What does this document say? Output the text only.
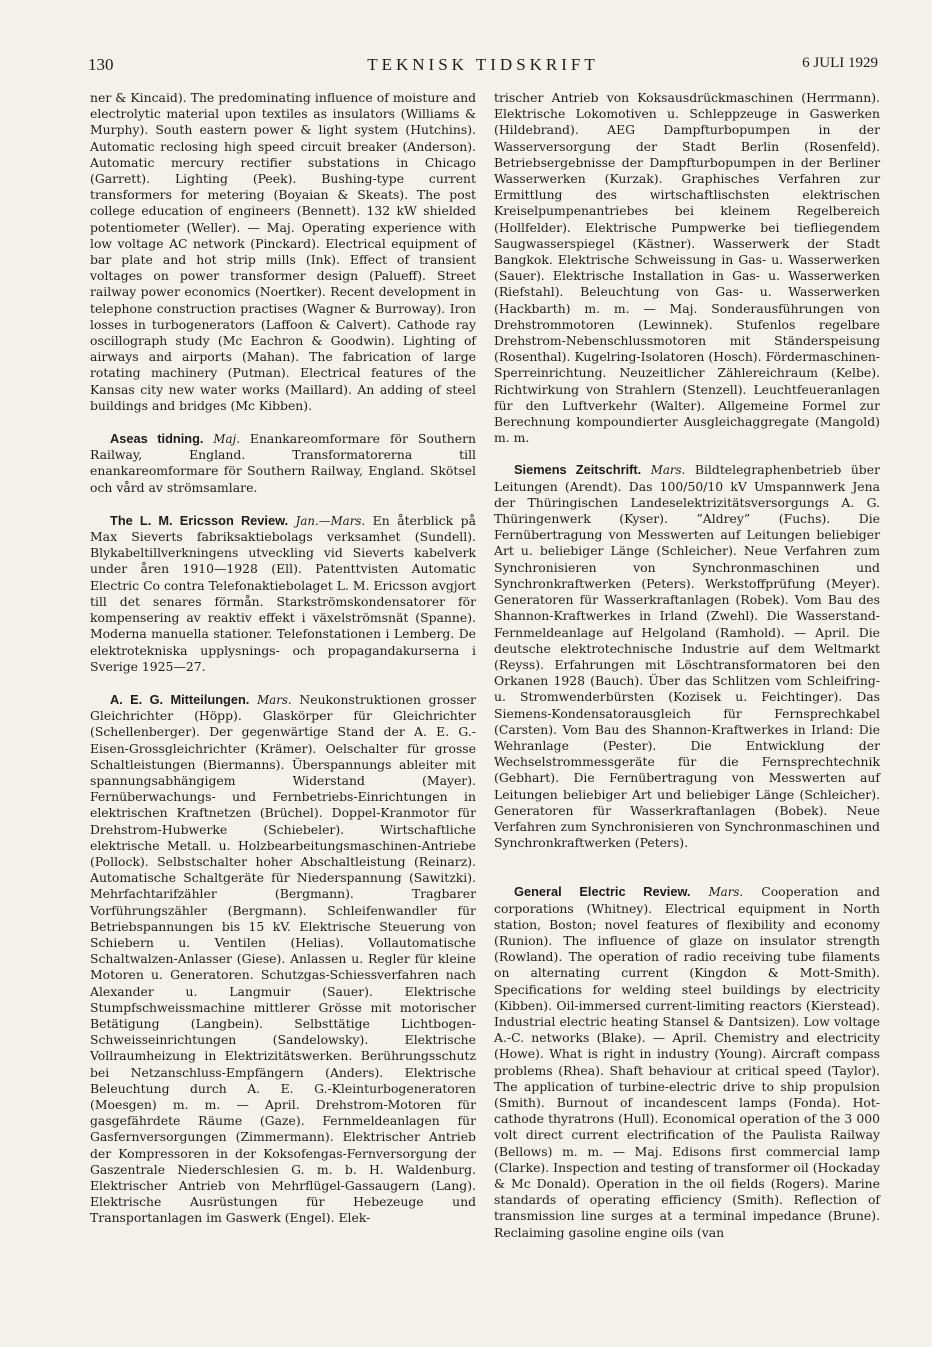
130	TEKNISK TIDSKRIFT	6 JULI 1929

ner & Kincaid). The predominating influence of moisture and electrolytic material upon textiles as insulators (Williams & Murphy). South eastern power & light system (Hutchins). Automatic reclosing high speed circuit breaker (Anderson). Automatic mercury rectifier substations in Chicago (Garrett). Lighting (Peek). Bushing-type current transformers for metering (Boyaian & Skeats). The post college education of engineers (Bennett). 132 kW shielded potentiometer (Weller). — Maj. Operating experience with low voltage AC network (Pinckard). Electrical equipment of bar plate and hot strip mills (Ink). Effect of transient voltages on power transformer design (Palueff). Street railway power economics (Noertker). Recent development in telephone construction practises (Wagner & Burroway). Iron losses in turbogenerators (Laffoon & Calvert). Cathode ray oscillograph study (Mc Eachron & Goodwin). Lighting of airways and airports (Mahan). The fabrication of large rotating machinery (Putman). Electrical features of the Kansas city new water works (Maillard). An adding of steel buildings and bridges (Mc Kibben).

Aseas tidning. Maj. Enankareomformare för Southern Railway, England. Transformatorerna till enankareomformare för Southern Railway, England. Skötsel och vård av strömsamlare.

The L. M. Ericsson Review. Jan.—Mars. En återblick på Max Sieverts fabriksaktiebolags verksamhet (Sundell). Blykabeltillverkningens utveckling vid Sieverts kabelverk under åren 1910—1928 (Ell). Patenttvisten Automatic Electric Co contra Telefonaktiebolaget L. M. Ericsson avgjort till det senares förmån. Starkströmskondensatorer för kompensering av reaktiv effekt i växelströmsnät (Spanne). Moderna manuella stationer. Telefonstationen i Lemberg. De elektrotekniska upplysnings- och propagandakurserna i Sverige 1925—27.

A. E. G. Mitteilungen. Mars. Neukonstruktionen grosser Gleichrichter (Höpp). Glaskörper für Gleichrichter (Schellenberger). Der gegenwärtige Stand der A. E. G.-Eisen-Grossgleichrichter (Krämer). Oelschalter für grosse Schaltleistungen (Biermanns). Überspannungs ableiter mit spannungsabhängigem Widerstand (Mayer). Fernüberwachungs- und Fernbetriebs-Einrichtungen in elektrischen Kraftnetzen (Brüchel). Doppel-Kranmotor für Drehstrom-Hubwerke (Schiebeler). Wirtschaftliche elektrische Metall. u. Holzbearbeitungsmaschinen-Antriebe (Pollock). Selbstschalter hoher Abschaltleistung (Reinarz). Automatische Schaltgeräte für Niederspannung (Sawitzki). Mehrfachtarifzähler (Bergmann). Tragbarer Vorführungszähler (Bergmann). Schleifenwandler für Betriebspannungen bis 15 kV. Elektrische Steuerung von Schiebern u. Ventilen (Helias). Vollautomatische Schaltwalzen-Anlasser (Giese). Anlassen u. Regler für kleine Motoren u. Generatoren. Schutzgas-Schiessverfahren nach Alexander u. Langmuir (Sauer). Elektrische Stumpfschweissmachine mittlerer Grösse mit motorischer Betätigung (Langbein). Selbsttätige Lichtbogen-Schweisseinrichtungen (Sandelowsky). Elektrische Vollraumheizung in Elektrizitätswerken. Berührungsschutz bei Netzanschluss-Empfängern (Anders). Elektrische Beleuchtung durch A. E. G.-Kleinturbogeneratoren (Moesgen) m. m. — April. Drehstrom-Motoren für gasgefährdete Räume (Gaze). Fernmeldeanlagen für Gasfernversorgungen (Zimmermann). Elektrischer Antrieb der Kompressoren in der Koksofengas-Fernversorgung der Gaszentrale Niederschlesien G. m. b. H. Waldenburg. Elektrischer Antrieb von Mehrflügel-Gassaugern (Lang). Elektrische Ausrüstungen für Hebezeuge und Transportanlagen im Gaswerk (Engel). Elek-

trischer Antrieb von Koksausdrückmaschinen (Herrmann). Elektrische Lokomotiven u. Schleppzeuge in Gaswerken (Hildebrand). AEG Dampfturbopumpen in der Wasserversorgung der Stadt Berlin (Rosenfeld). Betriebsergebnisse der Dampfturbopumpen in der Berliner Wasserwerken (Kurzak). Graphisches Verfahren zur Ermittlung des wirtschaftlischsten elektrischen Kreiselpumpenantriebes bei kleinem Regelbereich (Hollfelder). Elektrische Pumpwerke bei tiefliegendem Saugwasserspiegel (Kästner). Wasserwerk der Stadt Bangkok. Elektrische Schweissung in Gas- u. Wasserwerken (Sauer). Elektrische Installation in Gas- u. Wasserwerken (Riefstahl). Beleuchtung von Gas- u. Wasserwerken (Hackbarth) m. m. — Maj. Sonderausführungen von Drehstrommotoren (Lewinnek). Stufenlos regelbare Drehstrom-Nebenschlussmotoren mit Ständerspeisung (Rosenthal). Kugelring-Isolatoren (Hosch). Fördermaschinen-Sperreinrichtung. Neuzeitlicher Zählereichraum (Kelbe). Richtwirkung von Strahlern (Stenzell). Leuchtfeueranlagen für den Luftverkehr (Walter). Allgemeine Formel zur Berechnung kompoundierter Ausgleichaggregate (Mangold) m. m.

Siemens Zeitschrift. Mars. Bildtelegraphenbetrieb über Leitungen (Arendt). Das 100/50/10 kV Umspannwerk Jena der Thüringischen Landeselektrizitätsversorgungs A. G. Thüringenwerk (Kyser). ”Aldrey” (Fuchs). Die Fernübertragung von Messwerten auf Leitungen beliebiger Art u. beliebiger Länge (Schleicher). Neue Verfahren zum Synchronisieren von Synchronmaschinen und Synchronkraftwerken (Peters). Werkstoffprüfung (Meyer). Generatoren für Wasserkraftanlagen (Robek). Vom Bau des Shannon-Kraftwerkes in Irland (Zwehl). Die Wasserstand-Fernmeldeanlage auf Helgoland (Ramhold). — April. Die deutsche elektrotechnische Industrie auf dem Weltmarkt (Reyss). Erfahrungen mit Löschtransformatoren bei den Orkanen 1928 (Bauch). Über das Schlitzen vom Schleifring- u. Stromwenderbürsten (Kozisek u. Feichtinger). Das Siemens-Kondensatorausgleich für Fernsprechkabel (Carsten). Vom Bau des Shannon-Kraftwerkes in Irland: Die Wehranlage (Pester). Die Entwicklung der Wechselstrommessgeräte für die Fernsprechtechnik (Gebhart). Die Fernübertragung von Messwerten auf Leitungen beliebiger Art und beliebiger Länge (Schleicher). Generatoren für Wasserkraftanlagen (Bobek). Neue Verfahren zum Synchronisieren von Synchronmaschinen und Synchronkraftwerken (Peters).

General Electric Review. Mars. Cooperation and corporations (Whitney). Electrical equipment in North station, Boston; novel features of flexibility and economy (Runion). The influence of glaze on insulator strength (Rowland). The operation of radio receiving tube filaments on alternating current (Kingdon & Mott-Smith). Specifications for welding steel buildings by electricity (Kibben). Oil-immersed current-limiting reactors (Kierstead). Industrial electric heating Stansel & Dantsizen). Low voltage A.-C. networks (Blake). — April. Chemistry and electricity (Howe). What is right in industry (Young). Aircraft compass problems (Rhea). Shaft behaviour at critical speed (Taylor). The application of turbine-electric drive to ship propulsion (Smith). Burnout of incandescent lamps (Fonda). Hot-cathode thyratrons (Hull). Economical operation of the 3 000 volt direct current electrification of the Paulista Railway (Bellows) m. m. — Maj. Edisons first commercial lamp (Clarke). Inspection and testing of transformer oil (Hockaday & Mc Donald). Operation in the oil fields (Rogers). Marine standards of operating efficiency (Smith). Reflection of transmission line surges at a terminal impedance (Brune). Reclaiming gasoline engine oils (van
